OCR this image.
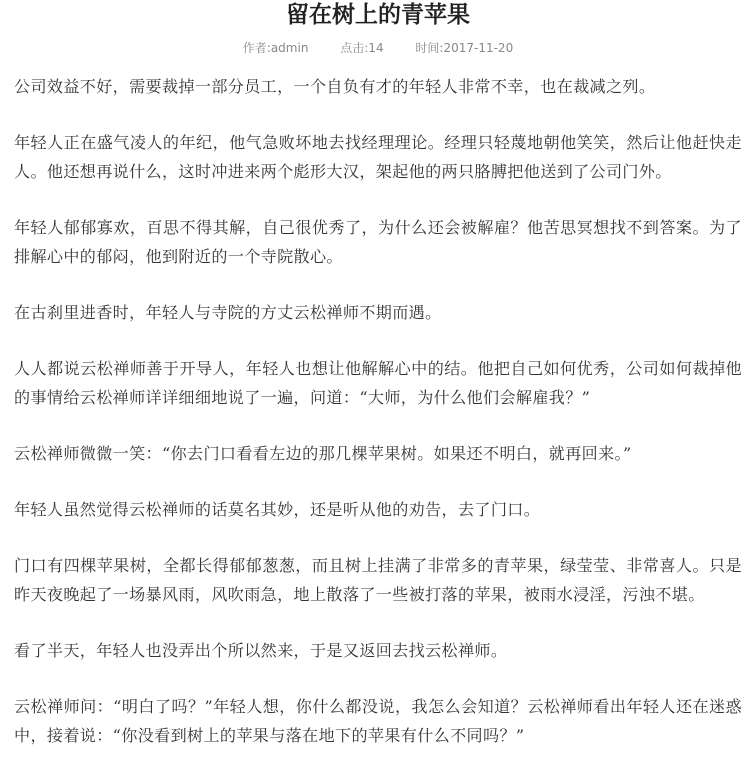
留在树上的青苹果
作者:admin	点击:14	时间:2017-11-20

公司效益不好，需要裁掉一部分员工，一个自负有才的年轻人非常不幸，也在裁减之列。

年轻人正在盛气凌人的年纪，他气急败坏地去找经理理论。经理只轻蔑地朝他笑笑，然后让他赶快走人。他还想再说什么，这时冲进来两个彪形大汉，架起他的两只胳膊把他送到了公司门外。

年轻人郁郁寡欢，百思不得其解，自己很优秀了，为什么还会被解雇？他苦思冥想找不到答案。为了排解心中的郁闷，他到附近的一个寺院散心。

在古刹里进香时，年轻人与寺院的方丈云松禅师不期而遇。

人人都说云松禅师善于开导人，年轻人也想让他解解心中的结。他把自己如何优秀，公司如何裁掉他的事情给云松禅师详详细细地说了一遍，问道：“大师，为什么他们会解雇我？”

云松禅师微微一笑：“你去门口看看左边的那几棵苹果树。如果还不明白，就再回来。”

年轻人虽然觉得云松禅师的话莫名其妙，还是听从他的劝告，去了门口。

门口有四棵苹果树，全都长得郁郁葱葱，而且树上挂满了非常多的青苹果，绿莹莹、非常喜人。只是昨天夜晚起了一场暴风雨，风吹雨急，地上散落了一些被打落的苹果，被雨水浸淫，污浊不堪。

看了半天，年轻人也没弄出个所以然来，于是又返回去找云松禅师。

云松禅师问：“明白了吗？”年轻人想，你什么都没说，我怎么会知道？云松禅师看出年轻人还在迷惑中，接着说：“你没看到树上的苹果与落在地下的苹果有什么不同吗？”
